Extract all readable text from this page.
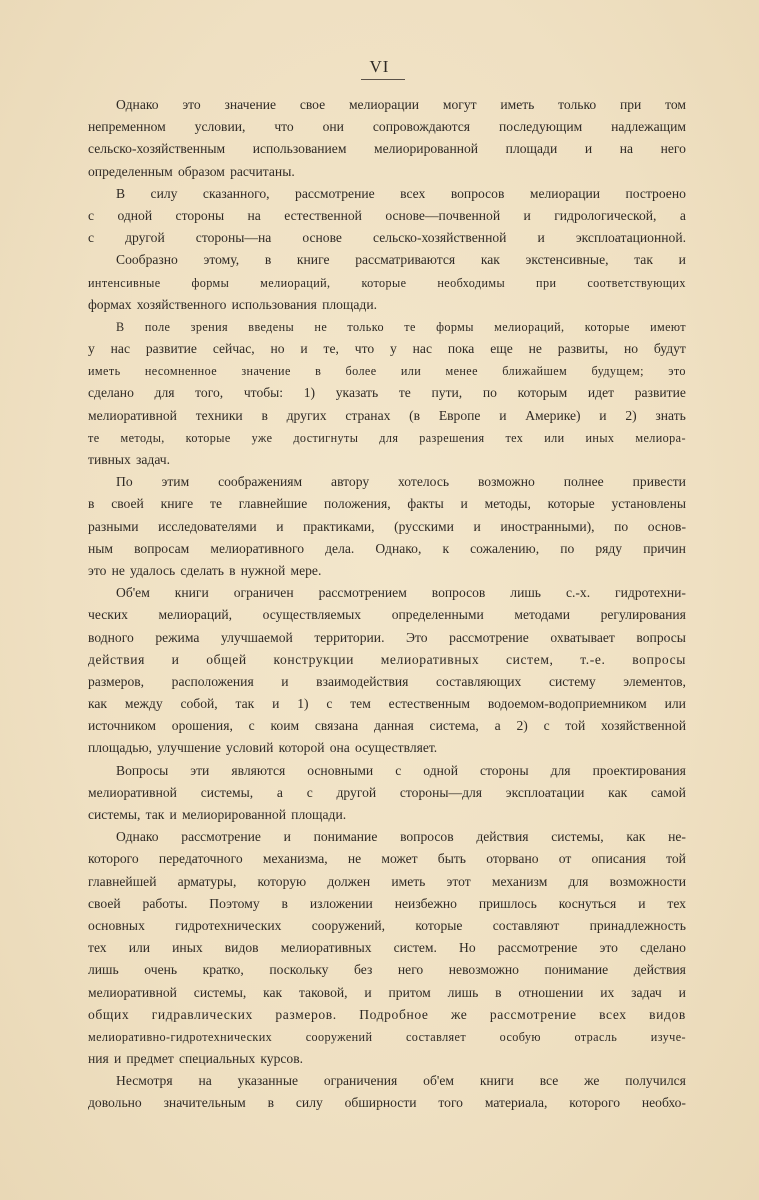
VI
Однако это значение свое мелиорации могут иметь только при том
непременном условии, что они сопровождаются последующим надлежащим
сельско-хозяйственным использованием мелиорированной площади и на него
определенным образом расчитаны.
В силу сказанного, рассмотрение всех вопросов мелиорации построено
с одной стороны на естественной основе—почвенной и гидрологической, а
с другой стороны—на основе сельско-хозяйственной и эксплоатационной.
Сообразно этому, в книге рассматриваются как экстенсивные, так и
интенсивные	формы	мелиораций,	которые	необходимы	при	соответствующих
формах хозяйственного использования площади.
В поле зрения введены не только те формы мелиораций, которые имеют
у нас развитие сейчас, но и те, что у нас пока еще не развиты, но будут
иметь несомненное значение в более или менее ближайшем будущем; это
сделано для того, чтобы: 1) указать те пути, по которым идет развитие
мелиоративной техники в других странах (в Европе и Америке) и 2) знать
те методы, которые уже достигнуты для разрешения тех или иных мелиора-
тивных задач.
По этим соображениям автору хотелось возможно полнее привести
в своей книге те главнейшие положения, факты и методы, которые установлены
разными исследователями и практиками, (русскими и иностранными), по основ-
ным вопросам мелиоративного дела. Однако, к сожалению, по ряду причин
это не удалось сделать в нужной мере.
Об'ем книги ограничен рассмотрением вопросов лишь с.-х. гидротехни-
ческих мелиораций, осуществляемых определенными методами регулирования
водного режима улучшаемой территории. Это рассмотрение охватывает вопросы
действия и общей конструкции мелиоративных систем, т.-е. вопросы
размеров, расположения и взаимодействия составляющих систему элементов,
как между собой, так и 1) с тем естественным водоемом-водоприемником или
источником орошения, с коим связана данная система, а 2) с той хозяйственной
площадью, улучшение условий которой она осуществляет.
Вопросы эти являются основными с одной стороны для проектирования
мелиоративной системы, а с другой стороны—для эксплоатации как самой
системы, так и мелиорированной площади.
Однако рассмотрение и понимание вопросов действия системы, как не-
которого передаточного механизма, не может быть оторвано от описания той
главнейшей арматуры, которую должен иметь этот механизм для возможности
своей работы. Поэтому в изложении неизбежно пришлось коснуться и тех
основных гидротехнических сооружений, которые составляют принадлежность
тех или иных видов мелиоративных систем. Но рассмотрение это сделано
лишь очень кратко, поскольку без него невозможно понимание действия
мелиоративной системы, как таковой, и притом лишь в отношении их задач и
общих гидравлических размеров. Подробное же рассмотрение всех видов
мелиоративно-гидротехнических	сооружений	составляет	особую	отрасль	изуче-
ния и предмет специальных курсов.
Несмотря на указанные ограничения об'ем книги все же получился
довольно значительным в силу обширности того материала, которого необхо-
